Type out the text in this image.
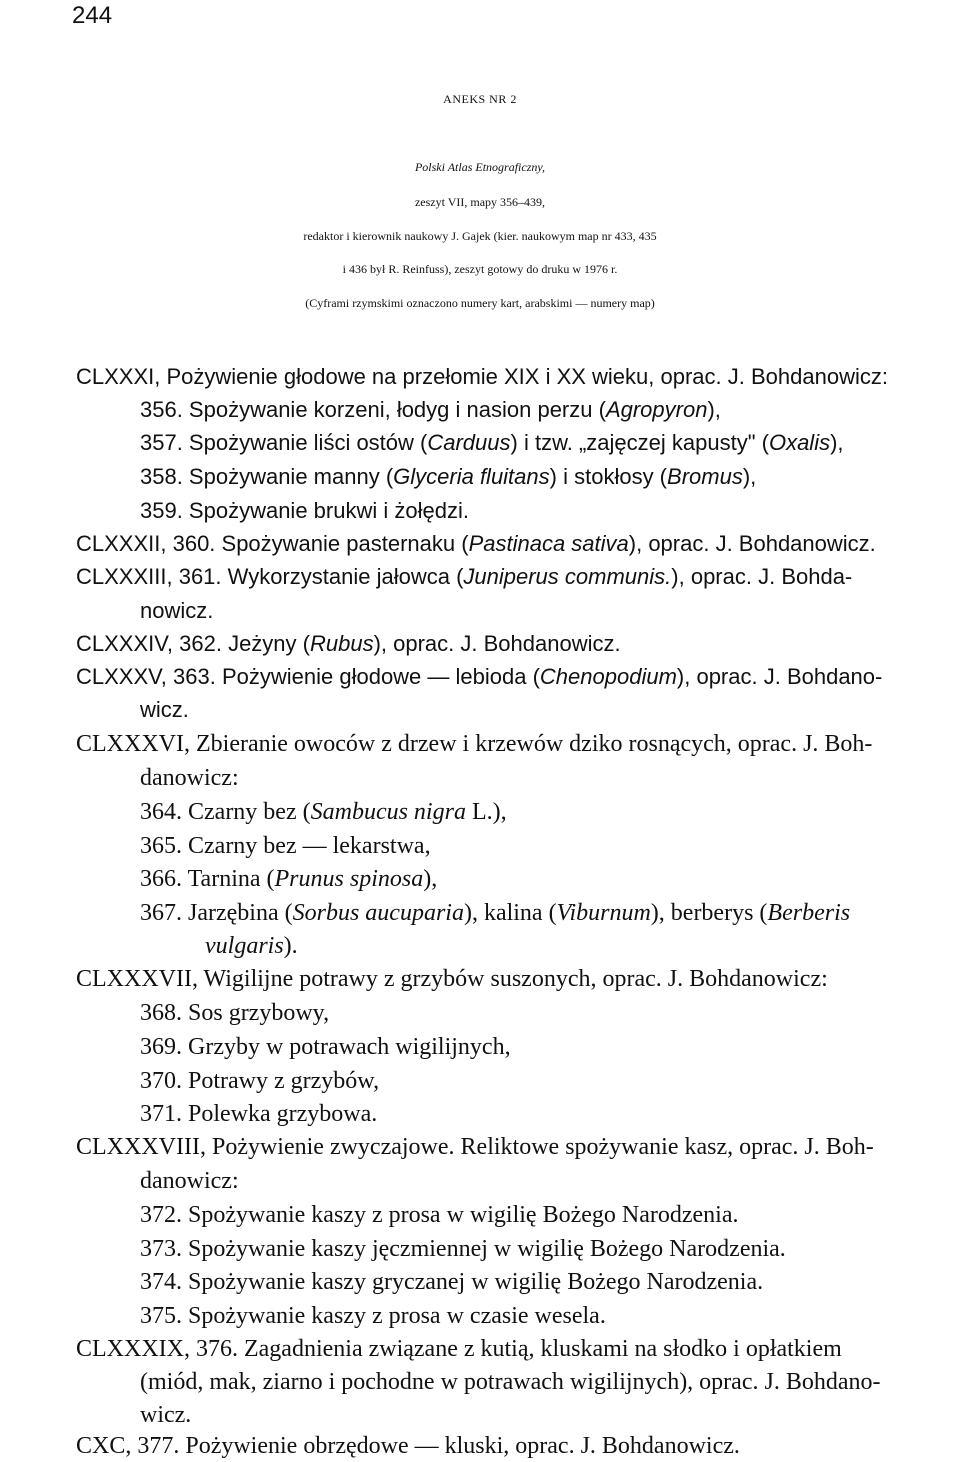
244
ANEKS NR 2
Polski Atlas Etnograficzny,
zeszyt VII, mapy 356–439,
redaktor i kierownik naukowy J. Gajek (kier. naukowym map nr 433, 435
i 436 był R. Reinfuss), zeszyt gotowy do druku w 1976 r.
(Cyframi rzymskimi oznaczono numery kart, arabskimi — numery map)
CLXXXI, Pożywienie głodowe na przełomie XIX i XX wieku, oprac. J. Bohdanowicz:
356. Spożywanie korzeni, łodyg i nasion perzu (Agropyron),
357. Spożywanie liści ostów (Carduus) i tzw. „zajęczej kapusty" (Oxalis),
358. Spożywanie manny (Glyceria fluitans) i stokłosy (Bromus),
359. Spożywanie brukwi i żołędzi.
CLXXXII, 360. Spożywanie pasternaku (Pastinaca sativa), oprac. J. Bohdanowicz.
CLXXXIII, 361. Wykorzystanie jałowca (Juniperus communis.), oprac. J. Bohda-
nowicz.
CLXXXIV, 362. Jeżyny (Rubus), oprac. J. Bohdanowicz.
CLXXXV, 363. Pożywienie głodowe — lebioda (Chenopodium), oprac. J. Bohdano-
wicz.
CLXXXVI, Zbieranie owoców z drzew i krzewów dziko rosnących, oprac. J. Boh-
danowicz:
364. Czarny bez (Sambucus nigra L.),
365. Czarny bez — lekarstwa,
366. Tarnina (Prunus spinosa),
367. Jarzębina (Sorbus aucuparia), kalina (Viburnum), berberys (Berberis
vulgaris).
CLXXXVII, Wigilijne potrawy z grzybów suszonych, oprac. J. Bohdanowicz:
368. Sos grzybowy,
369. Grzyby w potrawach wigilijnych,
370. Potrawy z grzybów,
371. Polewka grzybowa.
CLXXXVIII, Pożywienie zwyczajowe. Reliktowe spożywanie kasz, oprac. J. Boh-
danowicz:
372. Spożywanie kaszy z prosa w wigilię Bożego Narodzenia.
373. Spożywanie kaszy jęczmiennej w wigilię Bożego Narodzenia.
374. Spożywanie kaszy gryczanej w wigilię Bożego Narodzenia.
375. Spożywanie kaszy z prosa w czasie wesela.
CLXXXIX, 376. Zagadnienia związane z kutią, kluskami na słodko i opłatkiem
(miód, mak, ziarno i pochodne w potrawach wigilijnych), oprac. J. Bohdano-
wicz.
CXC, 377. Pożywienie obrzędowe — kluski, oprac. J. Bohdanowicz.
